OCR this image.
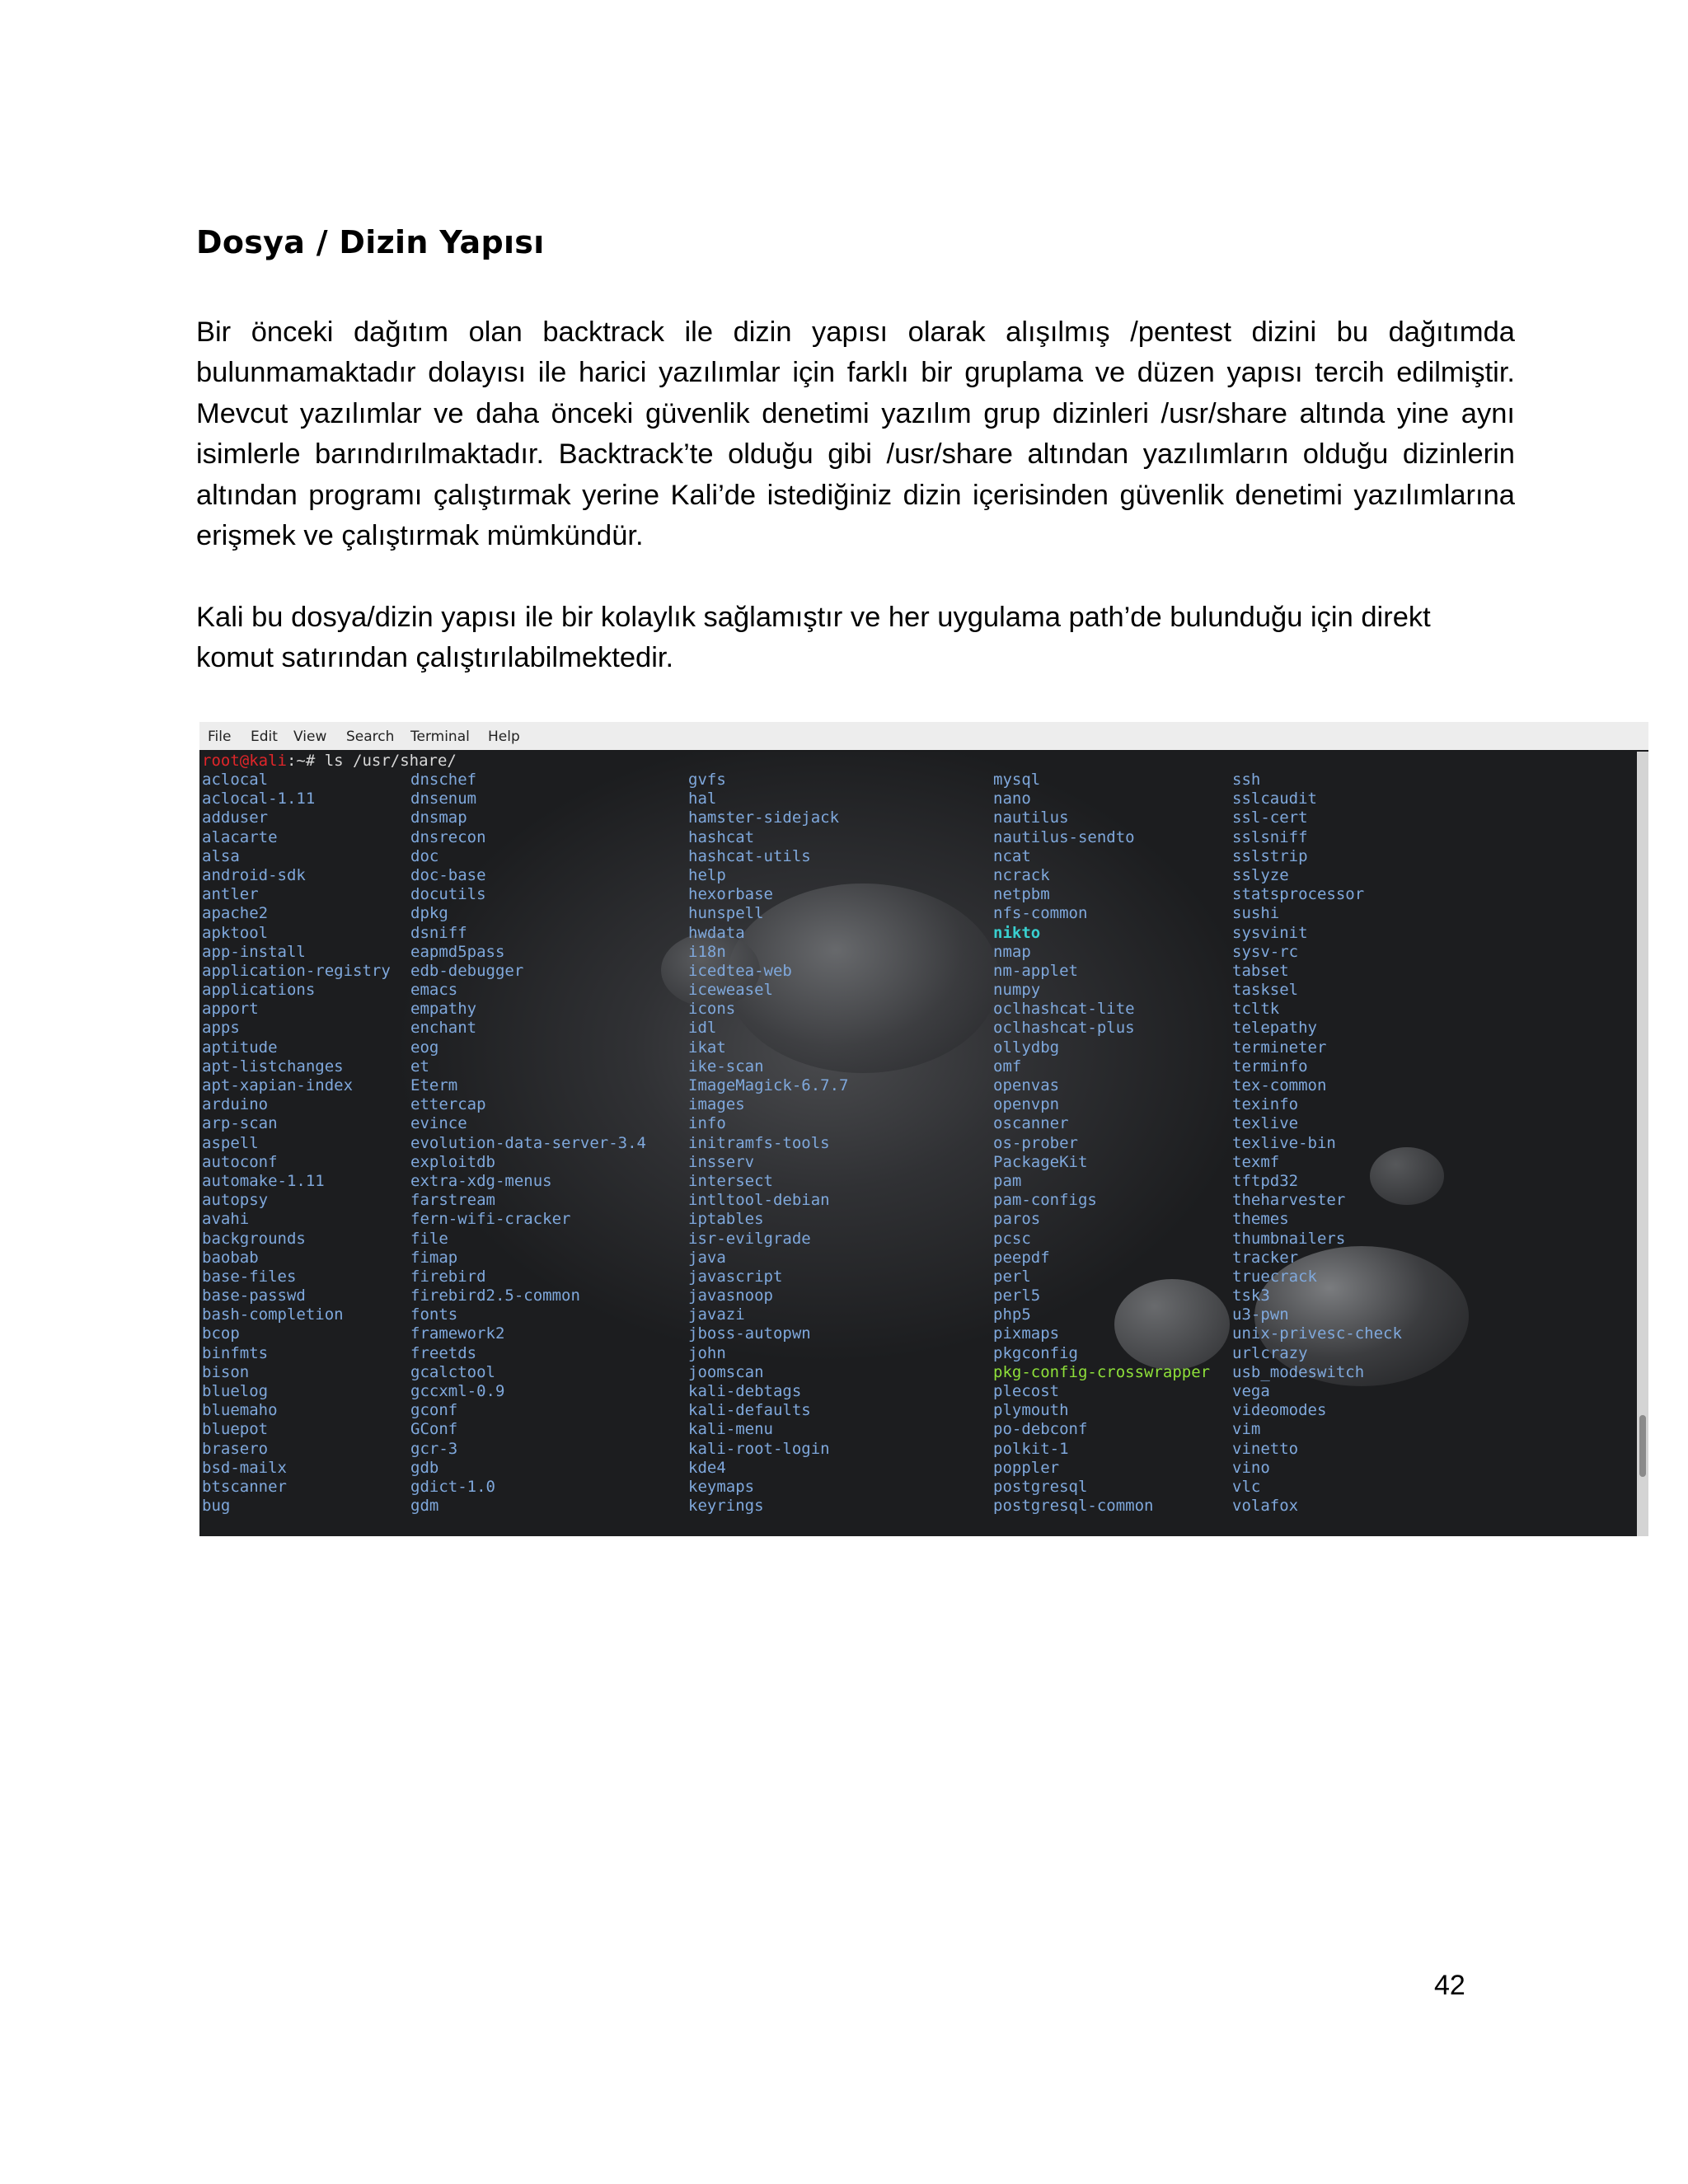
Dosya / Dizin Yapısı

Bir önceki dağıtım olan backtrack ile dizin yapısı olarak alışılmış /pentest dizini bu dağıtımda bulunmamaktadır dolayısı ile harici yazılımlar için farklı bir gruplama ve düzen yapısı tercih edilmiştir. Mevcut yazılımlar ve daha önceki güvenlik denetimi yazılım grup dizinleri /usr/share altında yine aynı isimlerle barındırılmaktadır. Backtrack’te olduğu gibi /usr/share altından yazılımların olduğu dizinlerin altından programı çalıştırmak yerine Kali’de istediğiniz dizin içerisinden güvenlik denetimi yazılımlarına erişmek ve çalıştırmak mümkündür.

Kali bu dosya/dizin yapısı ile bir kolaylık sağlamıştır ve her uygulama path’de bulunduğu için direkt komut satırından çalıştırılabilmektedir.

File Edit View Search Terminal Help
root@kali:~# ls /usr/share/
aclocal
aclocal-1.11
adduser
alacarte
alsa
android-sdk
antler
apache2
apktool
app-install
application-registry
applications
apport
apps
aptitude
apt-listchanges
apt-xapian-index
arduino
arp-scan
aspell
autoconf
automake-1.11
autopsy
avahi
backgrounds
baobab
base-files
base-passwd
bash-completion
bcop
binfmts
bison
bluelog
bluemaho
bluepot
brasero
bsd-mailx
btscanner
bug
dnschef
dnsenum
dnsmap
dnsrecon
doc
doc-base
docutils
dpkg
dsniff
eapmd5pass
edb-debugger
emacs
empathy
enchant
eog
et
Eterm
ettercap
evince
evolution-data-server-3.4
exploitdb
extra-xdg-menus
farstream
fern-wifi-cracker
file
fimap
firebird
firebird2.5-common
fonts
framework2
freetds
gcalctool
gccxml-0.9
gconf
GConf
gcr-3
gdb
gdict-1.0
gdm
gvfs
hal
hamster-sidejack
hashcat
hashcat-utils
help
hexorbase
hunspell
hwdata
i18n
icedtea-web
iceweasel
icons
idl
ikat
ike-scan
ImageMagick-6.7.7
images
info
initramfs-tools
insserv
intersect
intltool-debian
iptables
isr-evilgrade
java
javascript
javasnoop
javazi
jboss-autopwn
john
joomscan
kali-debtags
kali-defaults
kali-menu
kali-root-login
kde4
keymaps
keyrings
mysql
nano
nautilus
nautilus-sendto
ncat
ncrack
netpbm
nfs-common
nikto
nmap
nm-applet
numpy
oclhashcat-lite
oclhashcat-plus
ollydbg
omf
openvas
openvpn
oscanner
os-prober
PackageKit
pam
pam-configs
paros
pcsc
peepdf
perl
perl5
php5
pixmaps
pkgconfig
pkg-config-crosswrapper
plecost
plymouth
po-debconf
polkit-1
poppler
postgresql
postgresql-common
ssh
sslcaudit
ssl-cert
sslsniff
sslstrip
sslyze
statsprocessor
sushi
sysvinit
sysv-rc
tabset
tasksel
tcltk
telepathy
termineter
terminfo
tex-common
texinfo
texlive
texlive-bin
texmf
tftpd32
theharvester
themes
thumbnailers
tracker
truecrack
tsk3
u3-pwn
unix-privesc-check
urlcrazy
usb_modeswitch
vega
videomodes
vim
vinetto
vino
vlc
volafox
42
